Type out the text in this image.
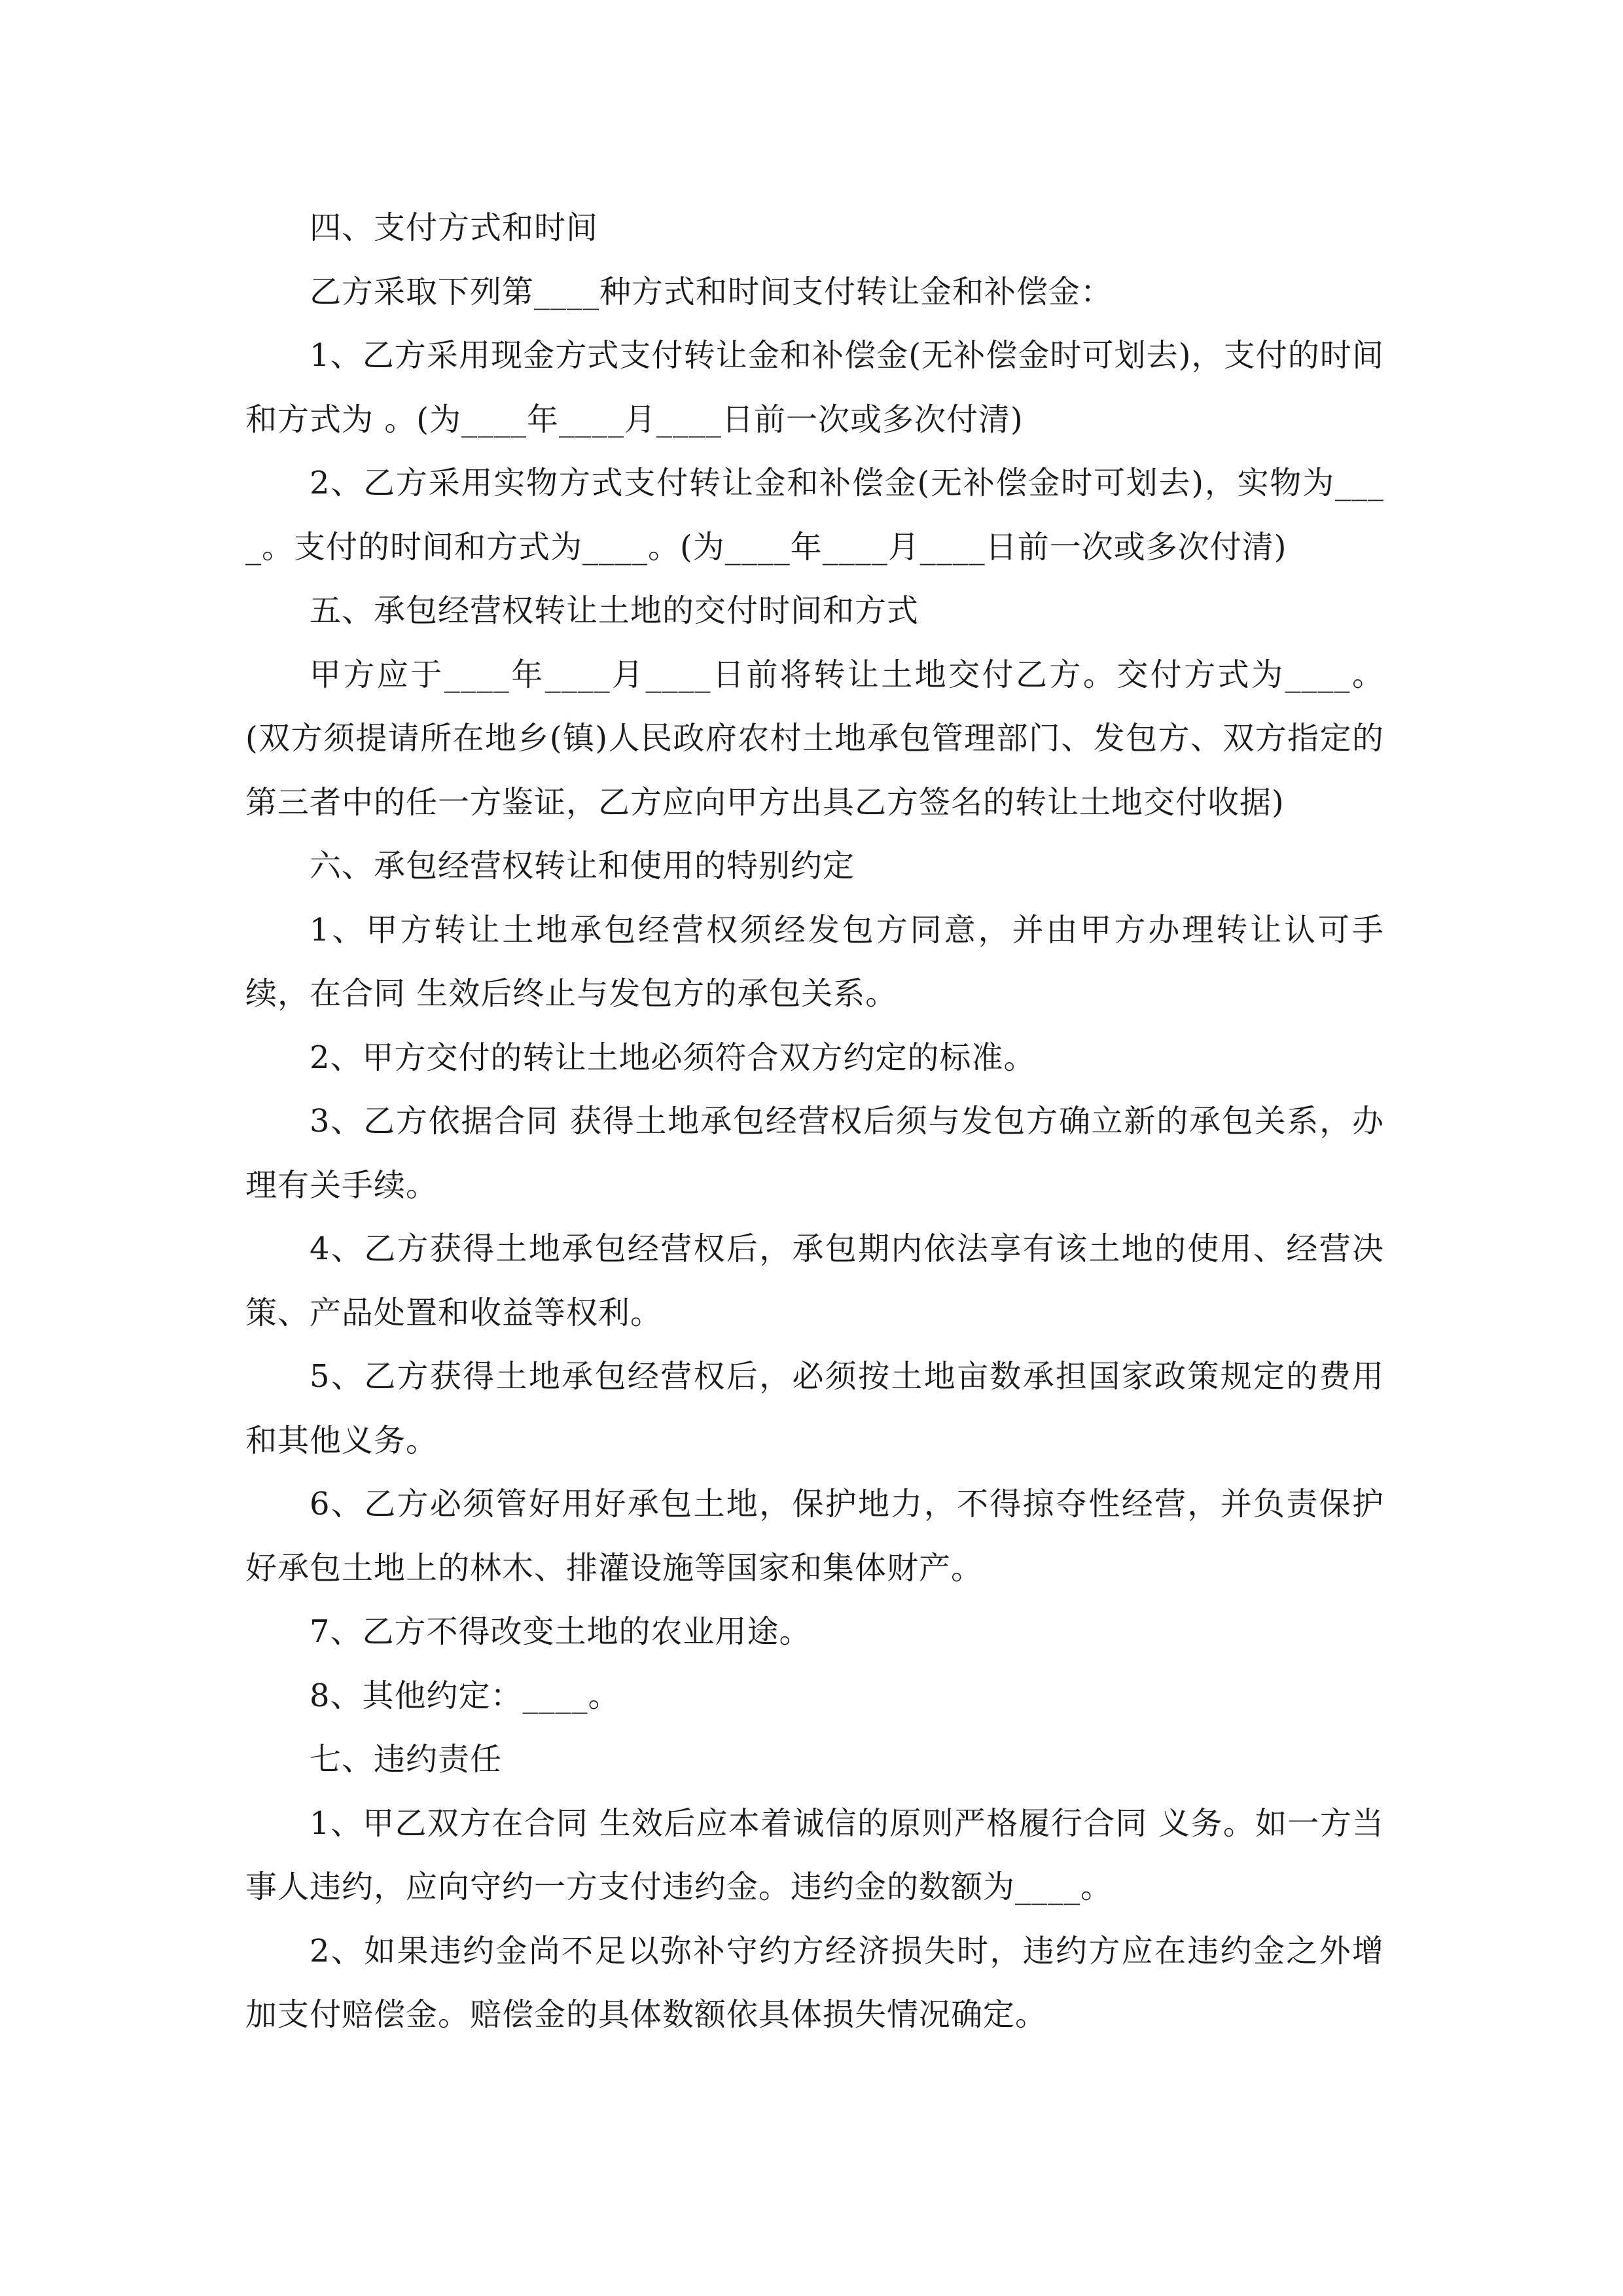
四、支付方式和时间

乙方采取下列第____种方式和时间支付转让金和补偿金：

1、乙方采用现金方式支付转让金和补偿金(无补偿金时可划去)，支付的时间和方式为 。(为____年____月____日前一次或多次付清)

2、乙方采用实物方式支付转让金和补偿金(无补偿金时可划去)，实物为____。支付的时间和方式为____。(为____年____月____日前一次或多次付清)

五、承包经营权转让土地的交付时间和方式

甲方应于____年____月____日前将转让土地交付乙方。交付方式为____。(双方须提请所在地乡(镇)人民政府农村土地承包管理部门、发包方、双方指定的第三者中的任一方鉴证，乙方应向甲方出具乙方签名的转让土地交付收据)

六、承包经营权转让和使用的特别约定

1、甲方转让土地承包经营权须经发包方同意，并由甲方办理转让认可手续，在合同 生效后终止与发包方的承包关系。

2、甲方交付的转让土地必须符合双方约定的标准。

3、乙方依据合同 获得土地承包经营权后须与发包方确立新的承包关系，办理有关手续。

4、乙方获得土地承包经营权后，承包期内依法享有该土地的使用、经营决策、产品处置和收益等权利。

5、乙方获得土地承包经营权后，必须按土地亩数承担国家政策规定的费用和其他义务。

6、乙方必须管好用好承包土地，保护地力，不得掠夺性经营，并负责保护好承包土地上的林木、排灌设施等国家和集体财产。

7、乙方不得改变土地的农业用途。

8、其他约定：____。

七、违约责任

1、甲乙双方在合同 生效后应本着诚信的原则严格履行合同 义务。如一方当事人违约，应向守约一方支付违约金。违约金的数额为____。

2、如果违约金尚不足以弥补守约方经济损失时，违约方应在违约金之外增加支付赔偿金。赔偿金的具体数额依具体损失情况确定。
